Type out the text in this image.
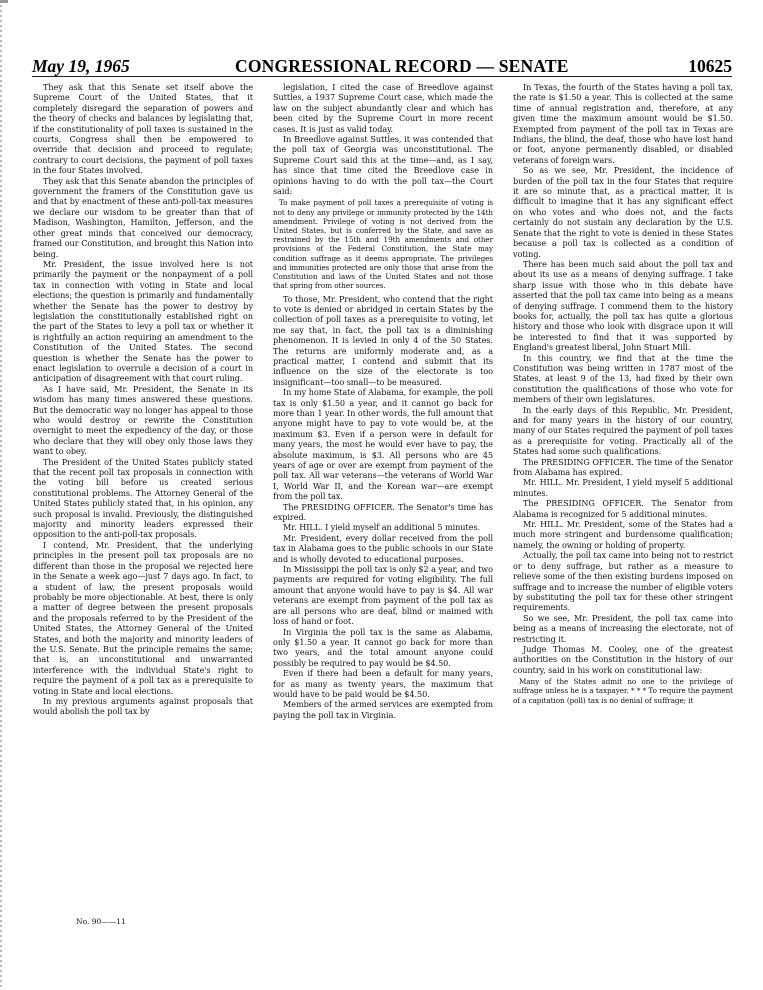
May 19, 1965	CONGRESSIONAL RECORD — SENATE	10625

They ask that this Senate set itself above the Supreme Court of the United States, that it completely disregard the separation of powers and the theory of checks and balances by legislating that, if the constitutionality of poll taxes is sustained in the courts, Congress shall then be empowered to override that decision and proceed to regulate; contrary to court decisions, the payment of poll taxes in the four States involved.

They ask that this Senate abandon the principles of government the framers of the Constitution gave us and that by enactment of these anti-poll-tax measures we declare our wisdom to be greater than that of Madison, Washington, Hamilton, Jefferson, and the other great minds that conceived our democracy, framed our Constitution, and brought this Nation into being.

Mr. President, the issue involved here is not primarily the payment or the nonpayment of a poll tax in connection with voting in State and local elections; the question is primarily and fundamentally whether the Senate has the power to destroy by legislation the constitutionally established right on the part of the States to levy a poll tax or whether it is rightfully an action requiring an amendment to the Constitution of the United States. The second question is whether the Senate has the power to enact legislation to overrule a decision of a court in anticipation of disagreement with that court ruling.

As I have said, Mr. President, the Senate in its wisdom has many times answered these questions. But the democratic way no longer has appeal to those who would destroy or rewrite the Constitution overnight to meet the expediency of the day, or those who declare that they will obey only those laws they want to obey.

The President of the United States publicly stated that the recent poll tax proposals in connection with the voting bill before us created serious constitutional problems. The Attorney General of the United States publicly stated that, in his opinion, any such proposal is invalid. Previously, the distinguished majority and minority leaders expressed their opposition to the anti-poll-tax proposals.

I contend, Mr. President, that the underlying principles in the present poll tax proposals are no different than those in the proposal we rejected here in the Senate a week ago—just 7 days ago. In fact, to a student of law, the present proposals would probably be more objectionable. At best, there is only a matter of degree between the present proposals and the proposals referred to by the President of the United States, the Attorney General of the United States, and both the majority and minority leaders of the U.S. Senate. But the principle remains the same; that is, an unconstitutional and unwarranted interference with the individual State's right to require the payment of a poll tax as a prerequisite to voting in State and local elections.

In my previous arguments against proposals that would abolish the poll tax by

legislation, I cited the case of Breedlove against Suttles, a 1937 Supreme Court case, which made the law on the subject abundantly clear and which has been cited by the Supreme Court in more recent cases. It is just as valid today.

In Breedlove against Suttles, it was contended that the poll tax of Georgia was unconstitutional. The Supreme Court said this at the time—and, as I say, has since that time cited the Breedlove case in opinions having to do with the poll tax—the Court said:

To make payment of poll taxes a prerequisite of voting is not to deny any privilege or immunity protected by the 14th amendment. Privilege of voting is not derived from the United States, but is conferred by the State, and save as restrained by the 15th and 19th amendments and other provisions of the Federal Constitution, the State may condition suffrage as it deems appropriate. The privileges and immunities protected are only those that arise from the Constitution and laws of the United States and not those that spring from other sources.

To those, Mr. President, who contend that the right to vote is denied or abridged in certain States by the collection of poll taxes as a prerequisite to voting, let me say that, in fact, the poll tax is a diminishing phenomenon. It is levied in only 4 of the 50 States. The returns are uniformly moderate and, as a practical matter, I contend and submit that its influence on the size of the electorate is too insignificant—too small—to be measured.

In my home State of Alabama, for example, the poll tax is only $1.50 a year, and it cannot go back for more than 1 year. In other words, the full amount that anyone might have to pay to vote would be, at the maximum $3. Even if a person were in default for many years, the most he would ever have to pay, the absolute maximum, is $3. All persons who are 45 years of age or over are exempt from payment of the poll tax. All war veterans—the veterans of World War I, World War II, and the Korean war—are exempt from the poll tax.

The PRESIDING OFFICER. The Senator's time has expired.

Mr. HILL. I yield myself an additional 5 minutes.

Mr. President, every dollar received from the poll tax in Alabama goes to the public schools in our State and is wholly devoted to educational purposes.

In Mississippi the poll tax is only $2 a year, and two payments are required for voting eligibility. The full amount that anyone would have to pay is $4. All war veterans are exempt from payment of the poll tax as are all persons who are deaf, blind or maimed with loss of hand or foot.

In Virginia the poll tax is the same as Alabama, only $1.50 a year. It cannot go back for more than two years, and the total amount anyone could possibly be required to pay would be $4.50.

Even if there had been a default for many years, for as many as twenty years, the maximum that would have to be paid would be $4.50.

Members of the armed services are exempted from paying the poll tax in Virginia.

In Texas, the fourth of the States having a poll tax, the rate is $1.50 a year. This is collected at the same time of annual registration and, therefore, at any given time the maximum amount would be $1.50. Exempted from payment of the poll tax in Texas are Indians, the blind, the deaf, those who have lost hand or foot, anyone permanently disabled, or disabled veterans of foreign wars.

So as we see, Mr. President, the incidence of burden of the poll tax in the four States that require it are so minute that, as a practical matter, it is difficult to imagine that it has any significant effect on who votes and who does not, and the facts certainly do not sustain any declaration by the U.S. Senate that the right to vote is denied in these States because a poll tax is collected as a condition of voting.

There has been much said about the poll tax and about its use as a means of denying suffrage. I take sharp issue with those who in this debate have asserted that the poll tax came into being as a means of denying suffrage. I commend them to the history books for, actually, the poll tax has quite a glorious history and those who look with disgrace upon it will be interested to find that it was supported by England's greatest liberal, John Stuart Mill.

In this country, we find that at the time the Constitution was being written in 1787 most of the States, at least 9 of the 13, had fixed by their own constitution the qualifications of those who vote for members of their own legislatures.

In the early days of this Republic, Mr. President, and for many years in the history of our country, many of our States required the payment of poll taxes as a prerequisite for voting. Practically all of the States had some such qualifications.

The PRESIDING OFFICER. The time of the Senator from Alabama has expired.

Mr. HILL. Mr. President, I yield myself 5 additional minutes.

The PRESIDING OFFICER. The Senator from Alabama is recognized for 5 additional minutes.

Mr. HILL. Mr. President, some of the States had a much more stringent and burdensome qualification; namely, the owning or holding of property.

Actually, the poll tax came into being not to restrict or to deny suffrage, but rather as a measure to relieve some of the then existing burdens imposed on suffrage and to increase the number of eligible voters by substituting the poll tax for these other stringent requirements.

So we see, Mr. President, the poll tax came into being as a means of increasing the electorate, not of restricting it.

Judge Thomas M. Cooley, one of the greatest authorities on the Constitution in the history of our country, said in his work on constitutional law:

Many of the States admit no one to the privilege of suffrage unless he is a taxpayer. * * * To require the payment of a capitation (poll) tax is no denial of suffrage; it

No. 90——11
